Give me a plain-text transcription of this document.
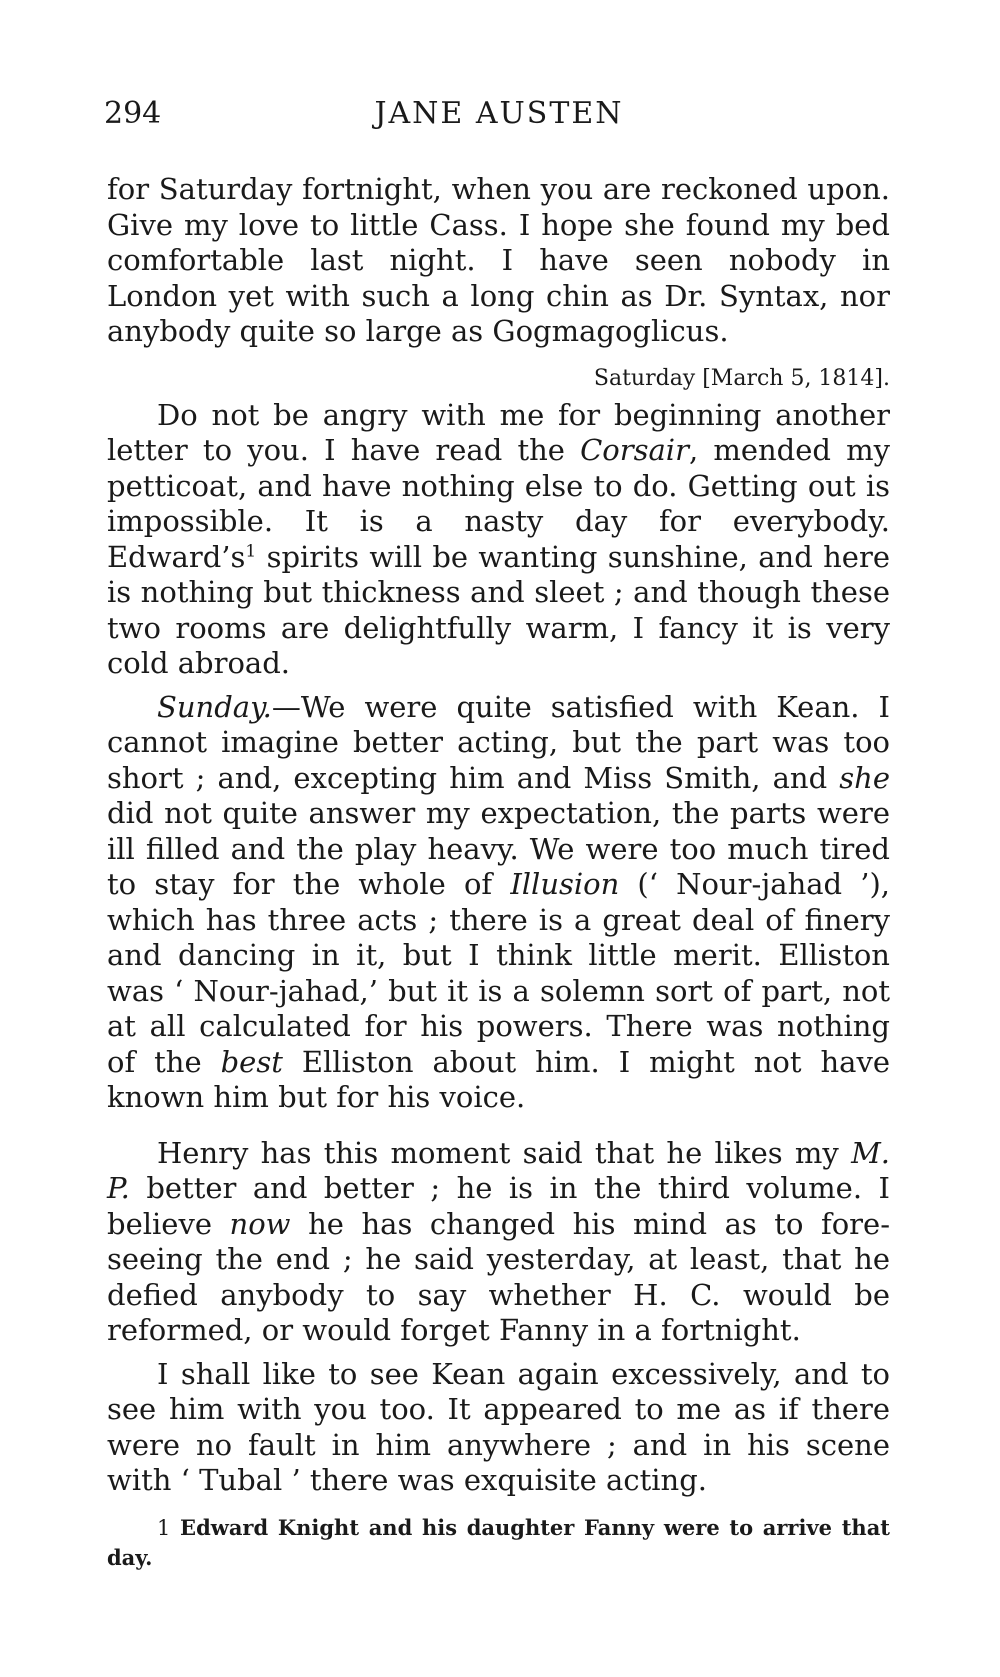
294	JANE AUSTEN

for Saturday fortnight, when you are reckoned upon. Give my love to little Cass. I hope she found my bed comfortable last night. I have seen nobody in London yet with such a long chin as Dr. Syntax, nor anybody quite so large as Gogmagoglicus.

Saturday [March 5, 1814].

Do not be angry with me for beginning another letter to you. I have read the Corsair, mended my petticoat, and have nothing else to do. Getting out is impossible. It is a nasty day for everybody. Edward’s$^1$ spirits will be wanting sunshine, and here is nothing but thickness and sleet ; and though these two rooms are delightfully warm, I fancy it is very cold abroad.

Sunday.—We were quite satisfied with Kean. I cannot imagine better acting, but the part was too short ; and, excepting him and Miss Smith, and she did not quite answer my expectation, the parts were ill filled and the play heavy. We were too much tired to stay for the whole of Illusion (‘ Nour-jahad ’), which has three acts ; there is a great deal of finery and dancing in it, but I think little merit. Elliston was ‘ Nour-jahad,’ but it is a solemn sort of part, not at all calculated for his powers. There was nothing of the best Elliston about him. I might not have known him but for his voice.

Henry has this moment said that he likes my M. P. better and better ; he is in the third volume. I believe now he has changed his mind as to fore-seeing the end ; he said yesterday, at least, that he defied anybody to say whether H. C. would be reformed, or would forget Fanny in a fortnight.

I shall like to see Kean again excessively, and to see him with you too. It appeared to me as if there were no fault in him anywhere ; and in his scene with ‘ Tubal ’ there was exquisite acting.

1 Edward Knight and his daughter Fanny were to arrive that day.
